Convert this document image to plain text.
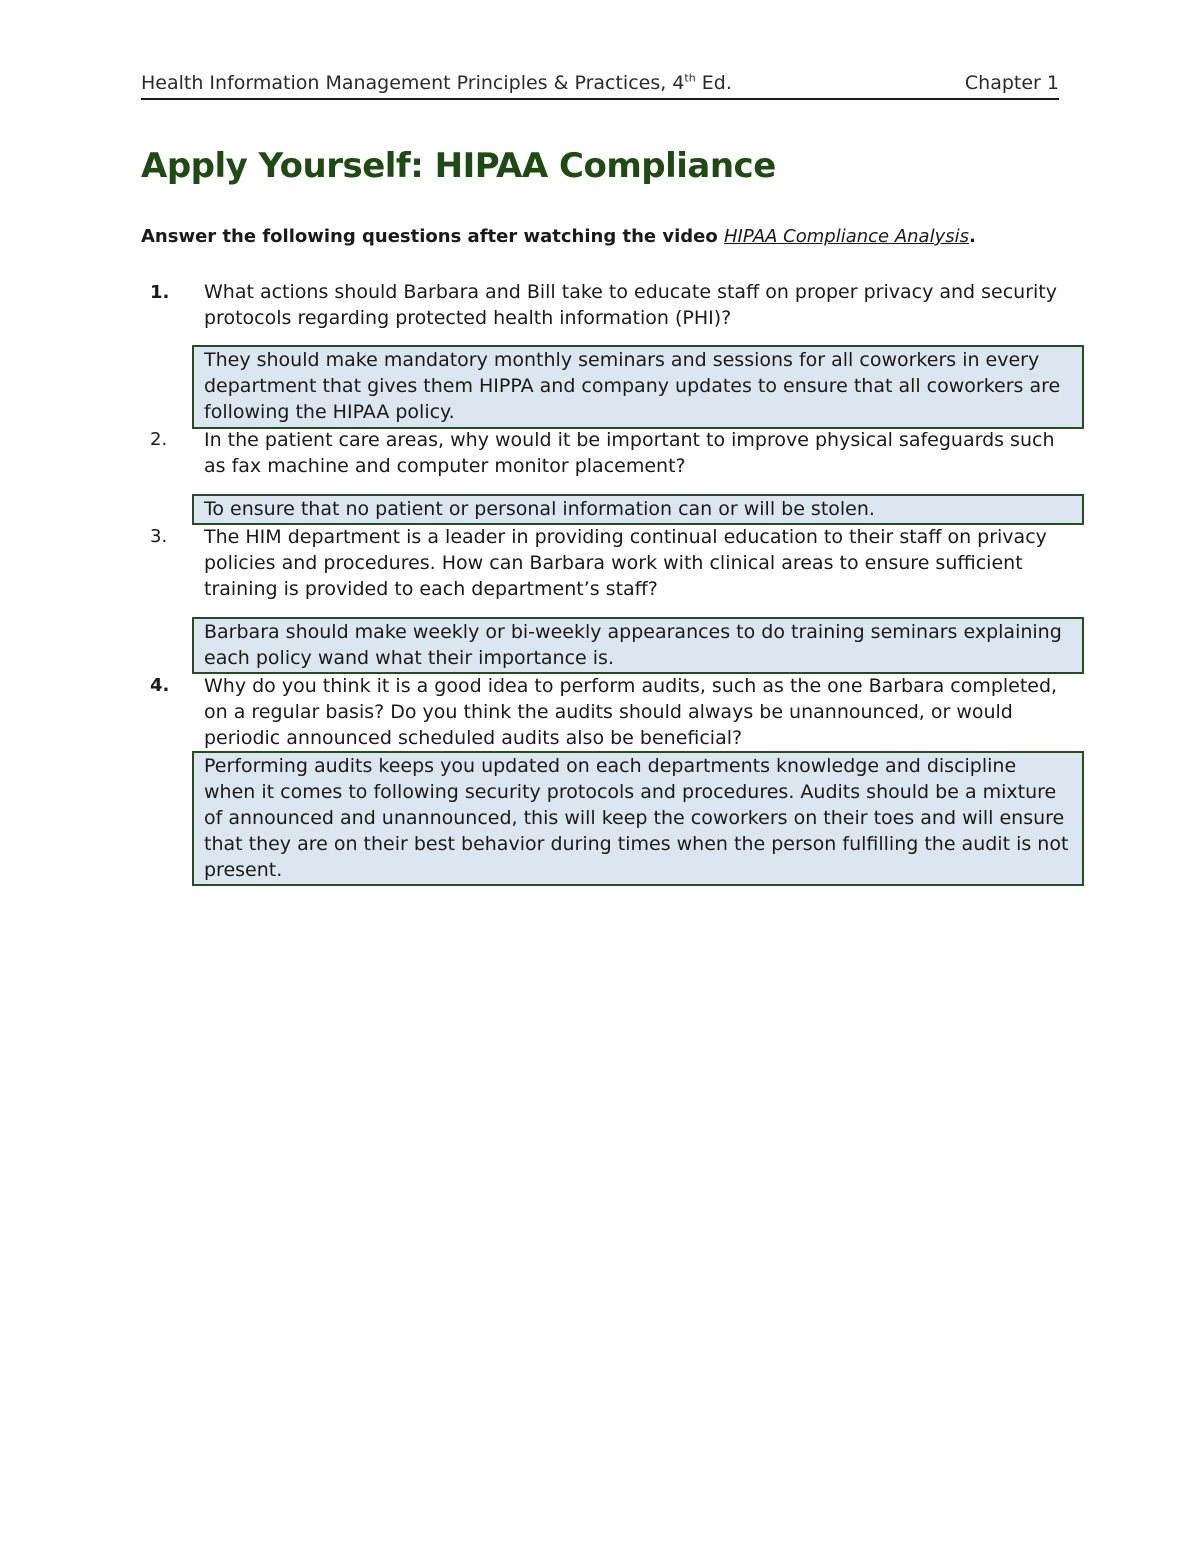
Health Information Management Principles & Practices, 4th Ed.	Chapter 1
Apply Yourself: HIPAA Compliance
Answer the following questions after watching the video HIPAA Compliance Analysis.
1. What actions should Barbara and Bill take to educate staff on proper privacy and security protocols regarding protected health information (PHI)?
They should make mandatory monthly seminars and sessions for all coworkers in every department that gives them HIPPA and company updates to ensure that all coworkers are following the HIPAA policy.
2. In the patient care areas, why would it be important to improve physical safeguards such as fax machine and computer monitor placement?
To ensure that no patient or personal information can or will be stolen.
3. The HIM department is a leader in providing continual education to their staff on privacy policies and procedures. How can Barbara work with clinical areas to ensure sufficient training is provided to each department’s staff?
Barbara should make weekly or bi-weekly appearances to do training seminars explaining each policy wand what their importance is.
4. Why do you think it is a good idea to perform audits, such as the one Barbara completed, on a regular basis? Do you think the audits should always be unannounced, or would periodic announced scheduled audits also be beneficial?
Performing audits keeps you updated on each departments knowledge and discipline when it comes to following security protocols and procedures. Audits should be a mixture of announced and unannounced, this will keep the coworkers on their toes and will ensure that they are on their best behavior during times when the person fulfilling the audit is not present.
